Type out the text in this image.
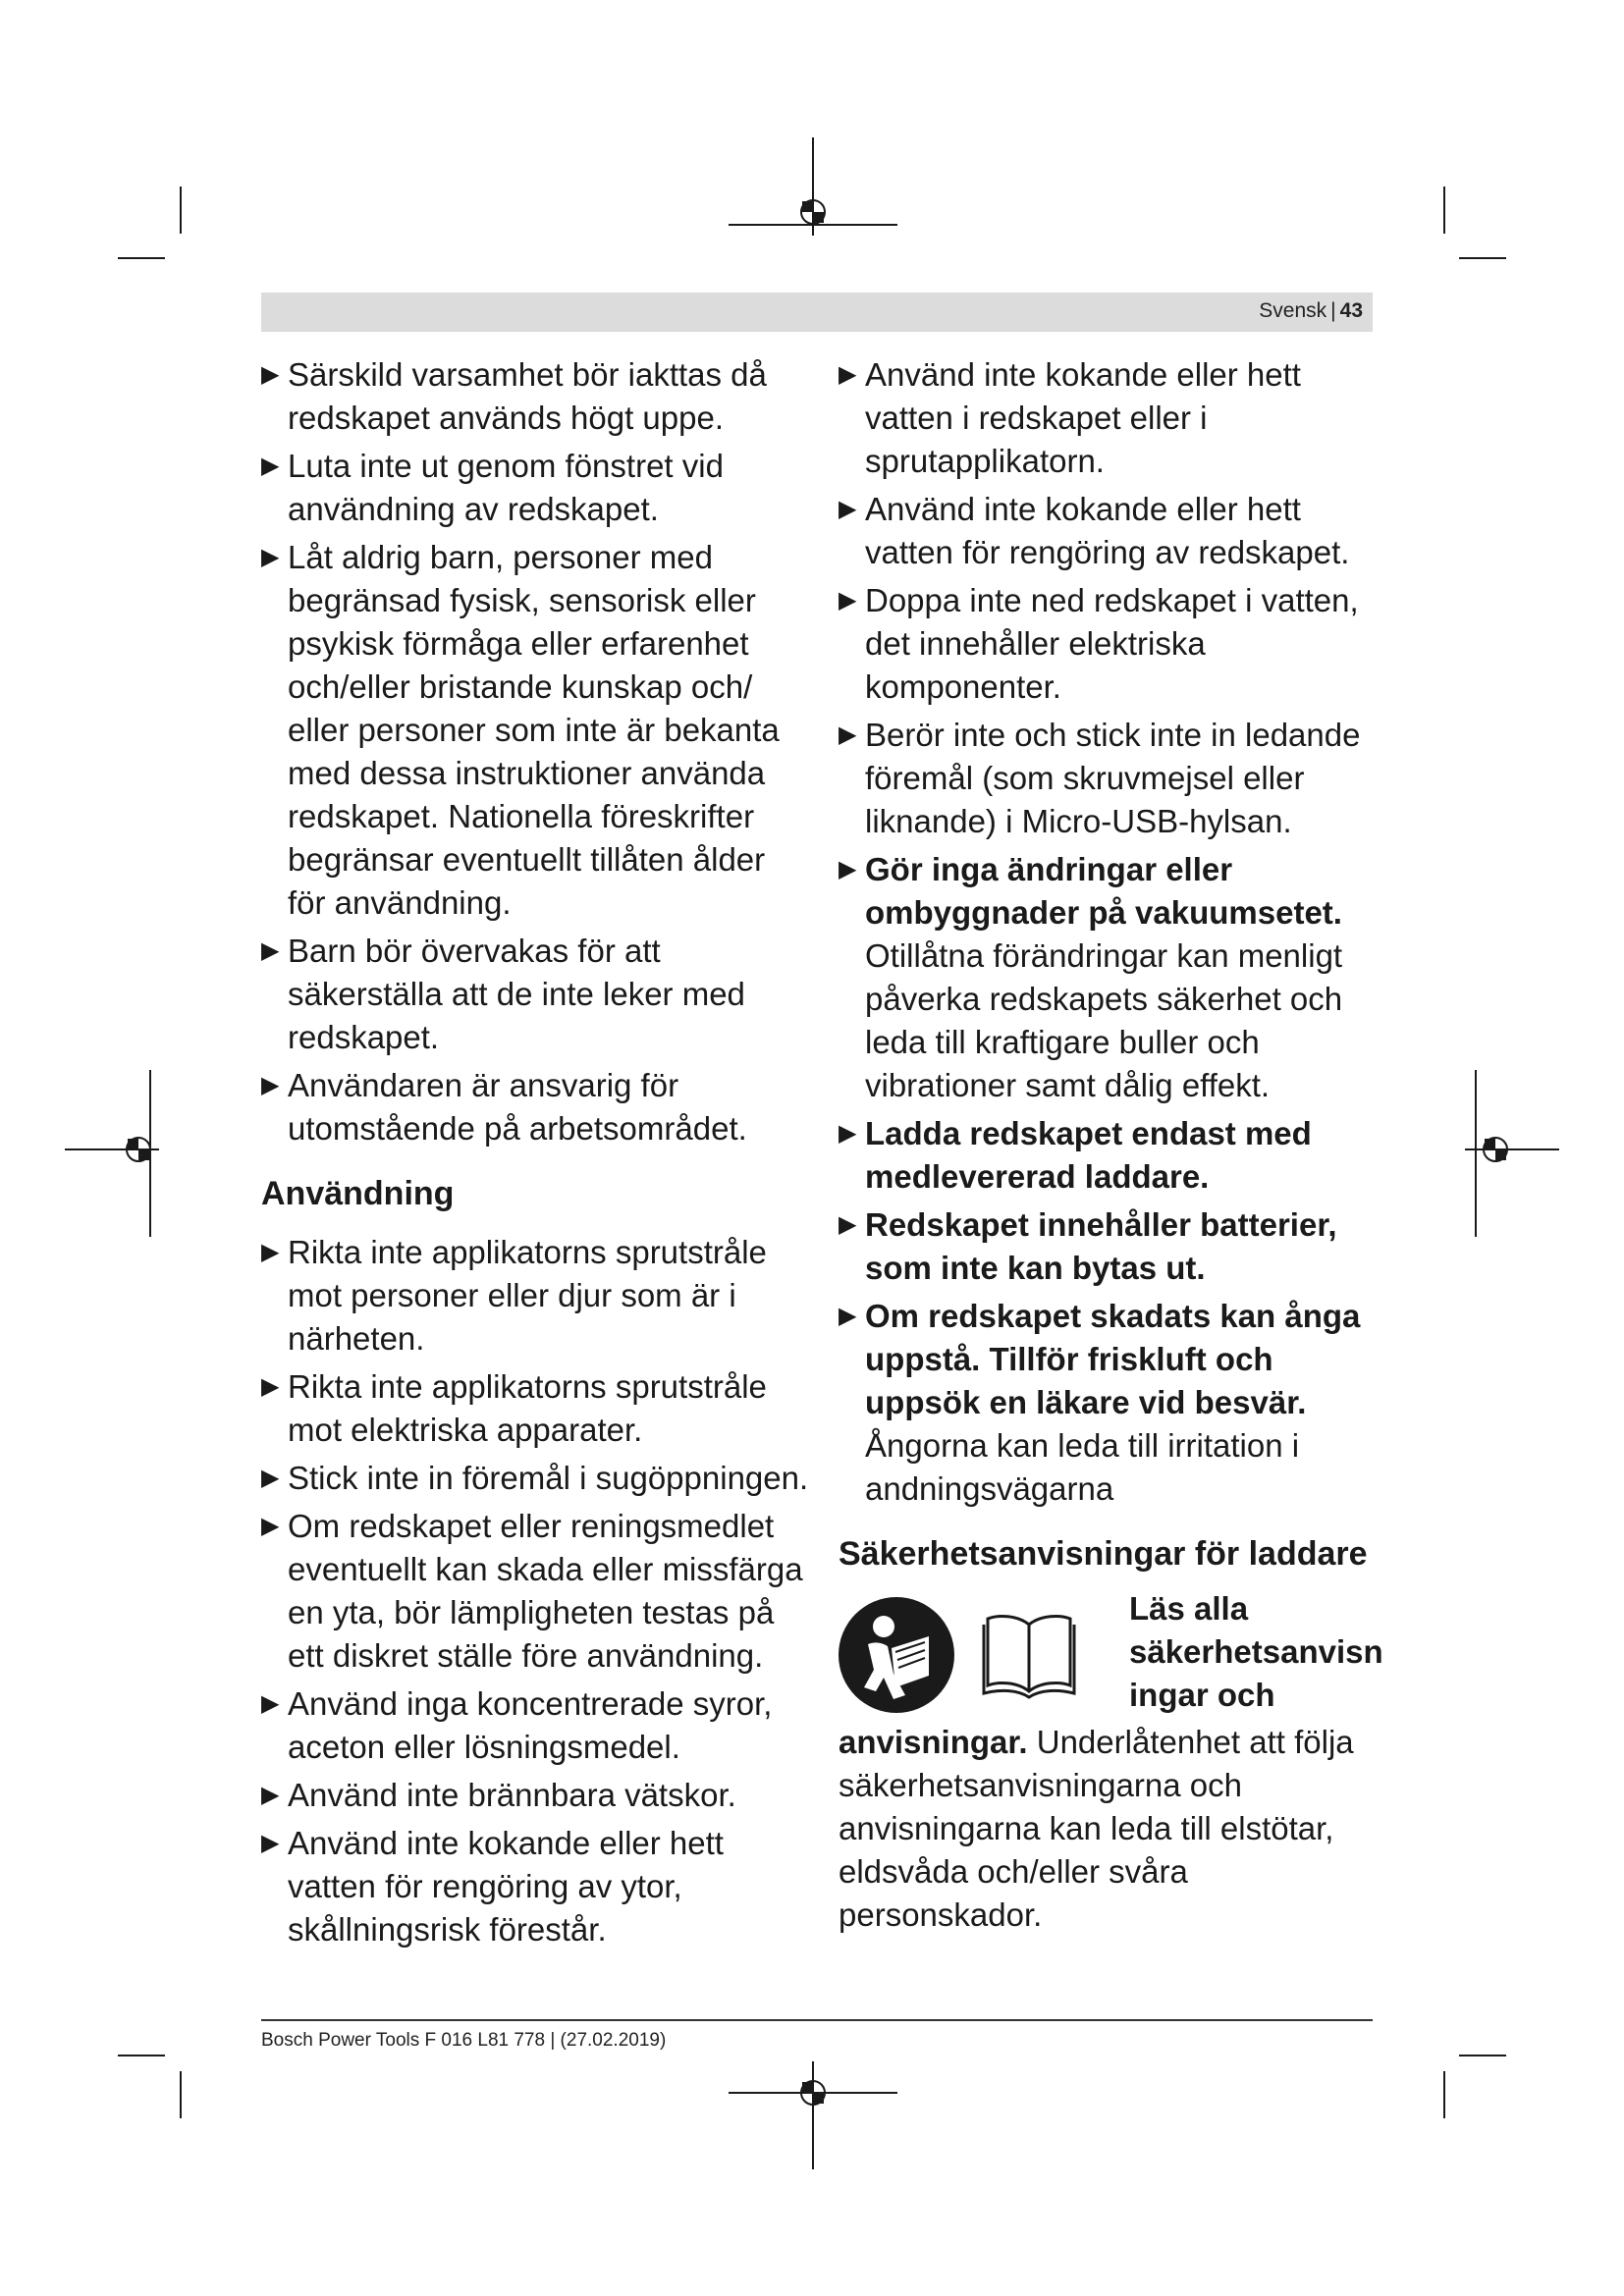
Svensk | 43
▶ Särskild varsamhet bör iakttas då redskapet används högt uppe.
▶ Luta inte ut genom fönstret vid användning av redskapet.
▶ Låt aldrig barn, personer med begränsad fysisk, sensorisk eller psykisk förmåga eller erfarenhet och/eller bristande kunskap och/ eller personer som inte är bekanta med dessa instruktioner använda redskapet. Nationella föreskrifter begränsar eventuellt tillåten ålder för användning.
▶ Barn bör övervakas för att säkerställa att de inte leker med redskapet.
▶ Användaren är ansvarig för utomstående på arbetsområdet.
Användning
▶ Rikta inte applikatorns sprutstråle mot personer eller djur som är i närheten.
▶ Rikta inte applikatorns sprutstråle mot elektriska apparater.
▶ Stick inte in föremål i sugöppningen.
▶ Om redskapet eller reningsmedlet eventuellt kan skada eller missfärga en yta, bör lämpligheten testas på ett diskret ställe före användning.
▶ Använd inga koncentrerade syror, aceton eller lösningsmedel.
▶ Använd inte brännbara vätskor.
▶ Använd inte kokande eller hett vatten för rengöring av ytor, skållningsrisk förestår.
▶ Använd inte kokande eller hett vatten i redskapet eller i sprutapplikatorn.
▶ Använd inte kokande eller hett vatten för rengöring av redskapet.
▶ Doppa inte ned redskapet i vatten, det innehåller elektriska komponenter.
▶ Berör inte och stick inte in ledande föremål (som skruvmejsel eller liknande) i Micro-USB-hylsan.
▶ Gör inga ändringar eller ombyggnader på vakuumsetet. Otillåtna förändringar kan menligt påverka redskapets säkerhet och leda till kraftigare buller och vibrationer samt dålig effekt.
▶ Ladda redskapet endast med medlevererad laddare.
▶ Redskapet innehåller batterier, som inte kan bytas ut.
▶ Om redskapet skadats kan ånga uppstå. Tillför friskluft och uppsök en läkare vid besvär. Ångorna kan leda till irritation i andningsvägarna
Säkerhetsanvisningar för laddare
Läs alla säkerhetsanvisn ingar och
anvisningar. Underlåtenhet att följa säkerhetsanvisningarna och anvisningarna kan leda till elstötar, eldsvåda och/eller svåra personskador.
Bosch Power Tools F 016 L81 778 | (27.02.2019)
